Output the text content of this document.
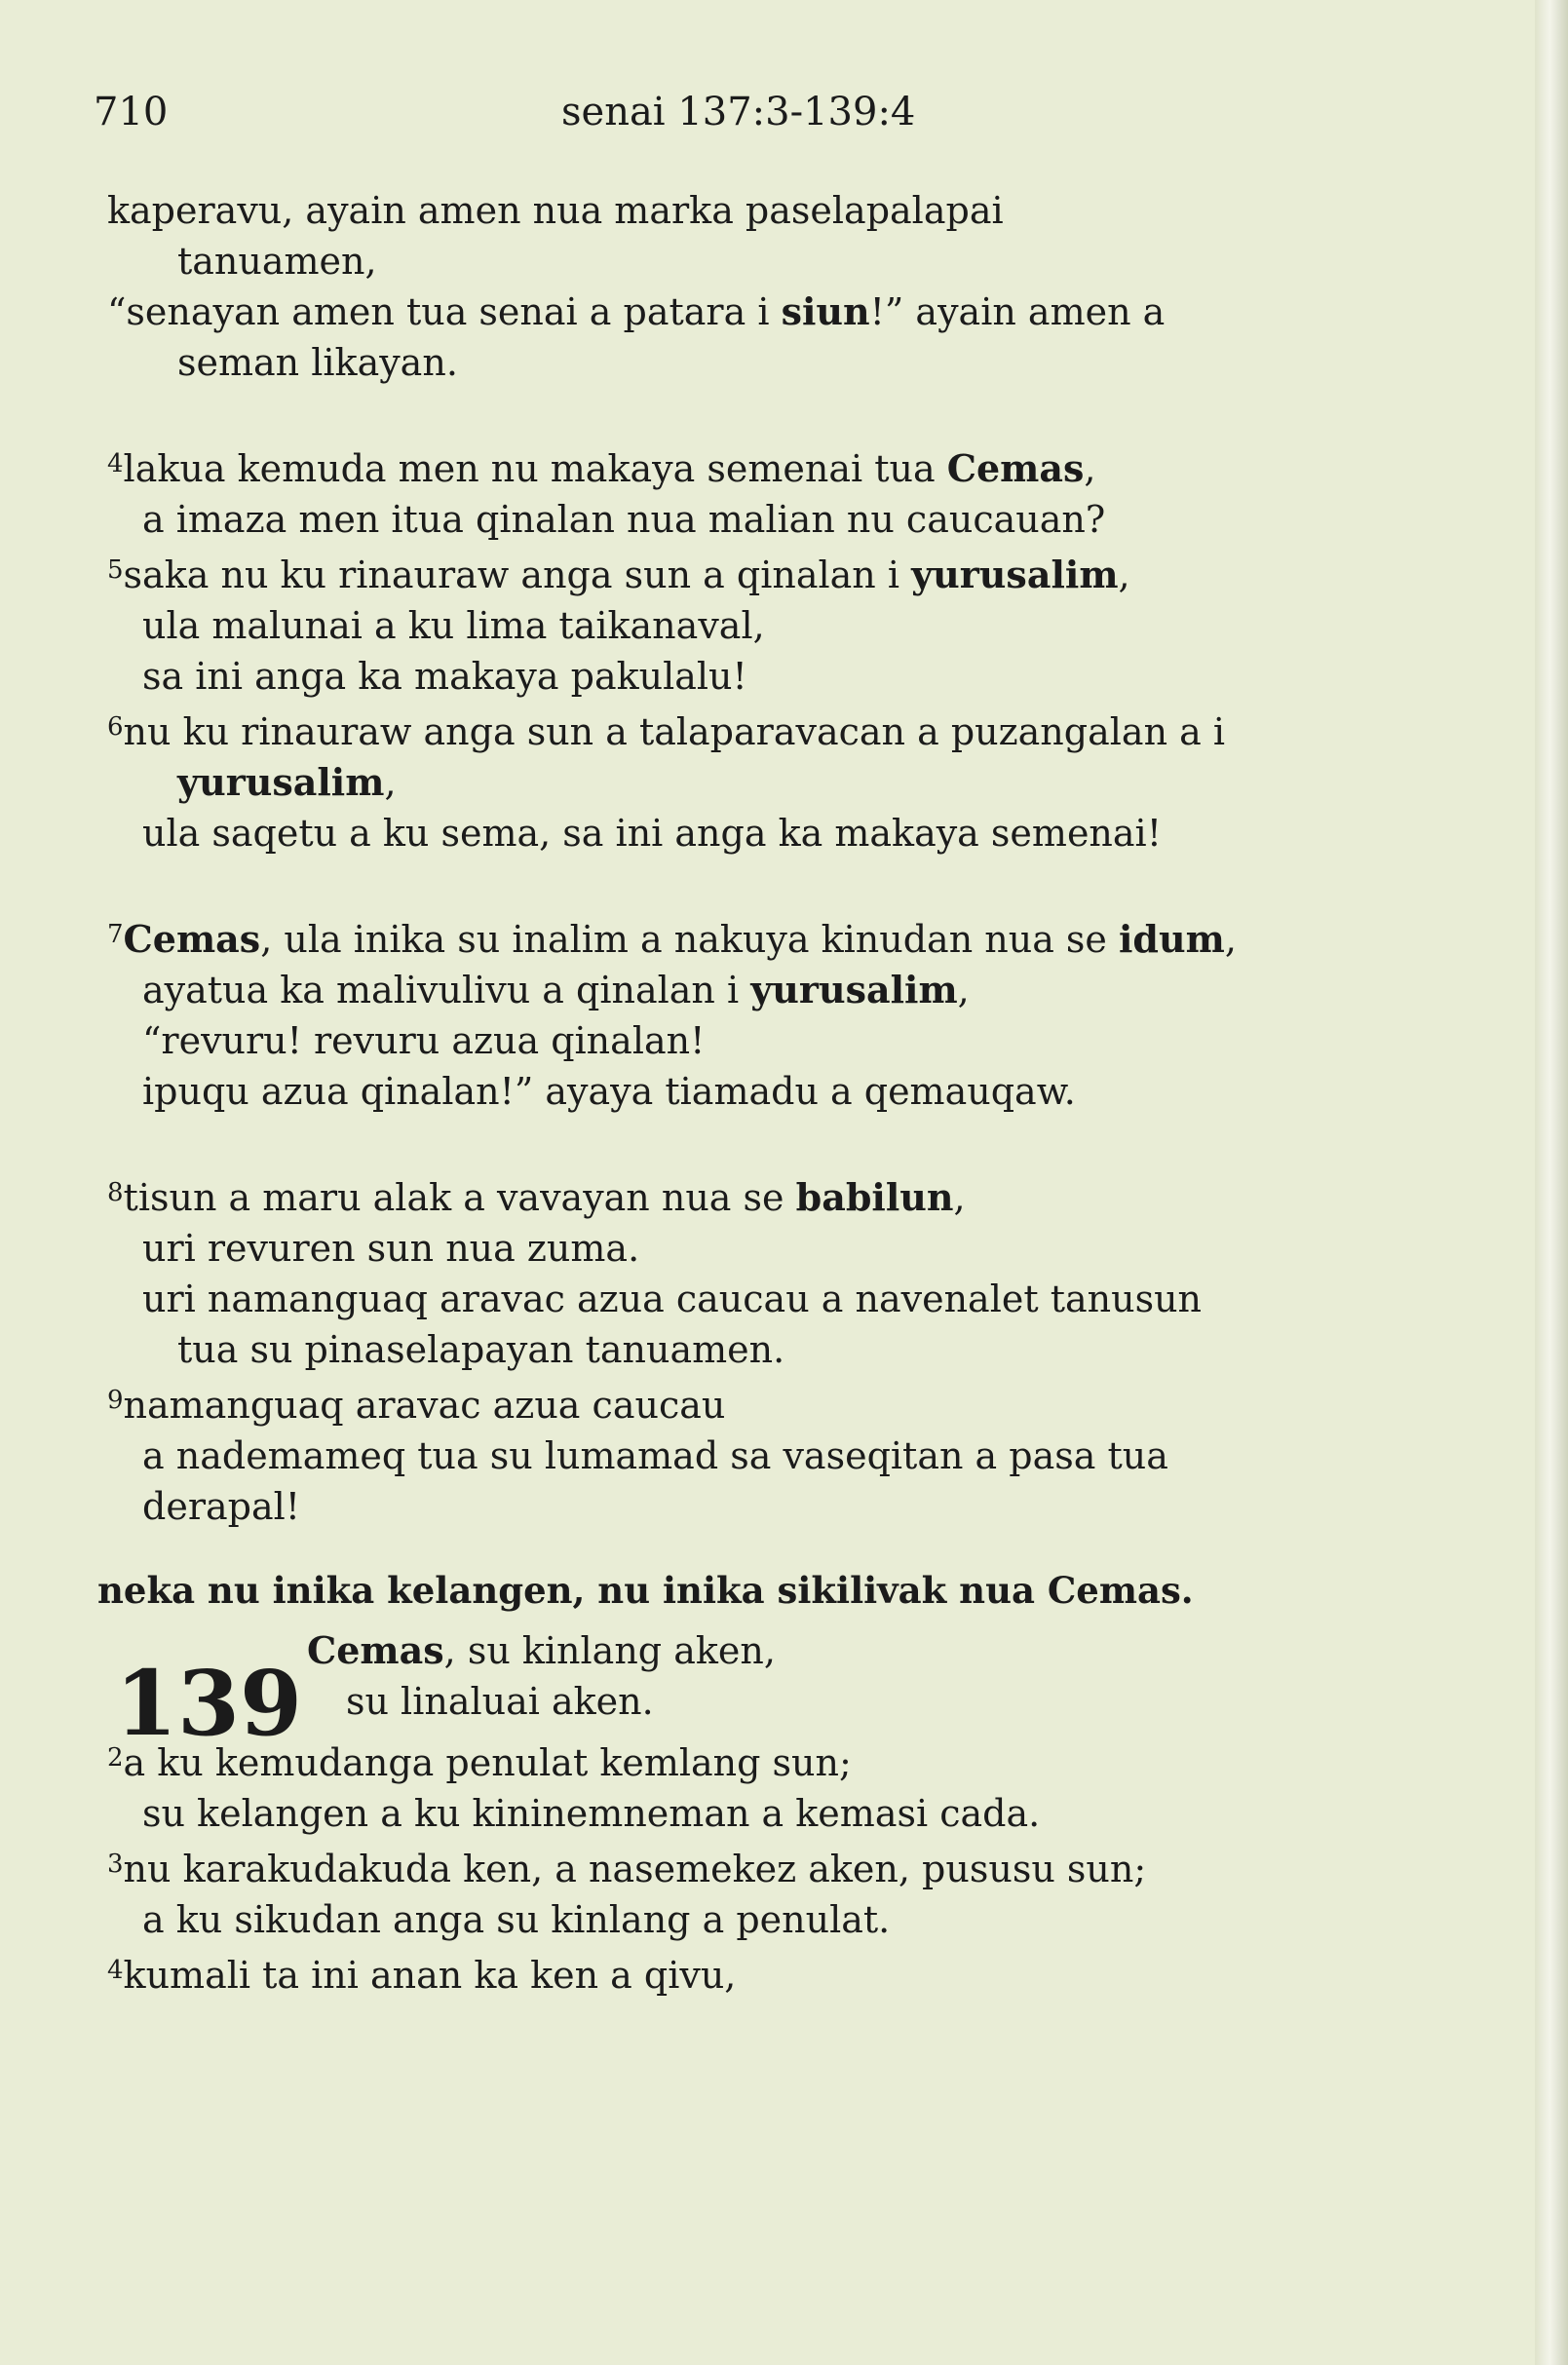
710	senai 137:3-139:4
kaperavu, ayain amen nua marka paselapalapai
tanuamen,
“senayan amen tua senai a patara i siun!” ayain amen a
seman likayan.
$^4$lakua kemuda men nu makaya semenai tua Cemas,
a imaza men itua qinalan nua malian nu caucauan?
$^5$saka nu ku rinauraw anga sun a qinalan i yurusalim,
ula malunai a ku lima taikanaval,
sa ini anga ka makaya pakulalu!
$^6$nu ku rinauraw anga sun a talaparavacan a puzangalan a i
yurusalim,
ula saqetu a ku sema, sa ini anga ka makaya semenai!
$^7$Cemas, ula inika su inalim a nakuya kinudan nua se idum,
ayatua ka malivulivu a qinalan i yurusalim,
“revuru! revuru azua qinalan!
ipuqu azua qinalan!” ayaya tiamadu a qemauqaw.
$^8$tisun a maru alak a vavayan nua se babilun,
uri revuren sun nua zuma.
uri namanguaq aravac azua caucau a navenalet tanusun
tua su pinaselapayan tanuamen.
$^9$namanguaq aravac azua caucau
a nademameq tua su lumamad sa vaseqitan a pasa tua
derapal!
neka nu inika kelangen, nu inika sikilivak nua Cemas.
139
Cemas, su kinlang aken,
su linaluai aken.
$^2$a ku kemudanga penulat kemlang sun;
su kelangen a ku kininemneman a kemasi cada.
$^3$nu karakudakuda ken, a nasemekez aken, pususu sun;
a ku sikudan anga su kinlang a penulat.
$^4$kumali ta ini anan ka ken a qivu,
